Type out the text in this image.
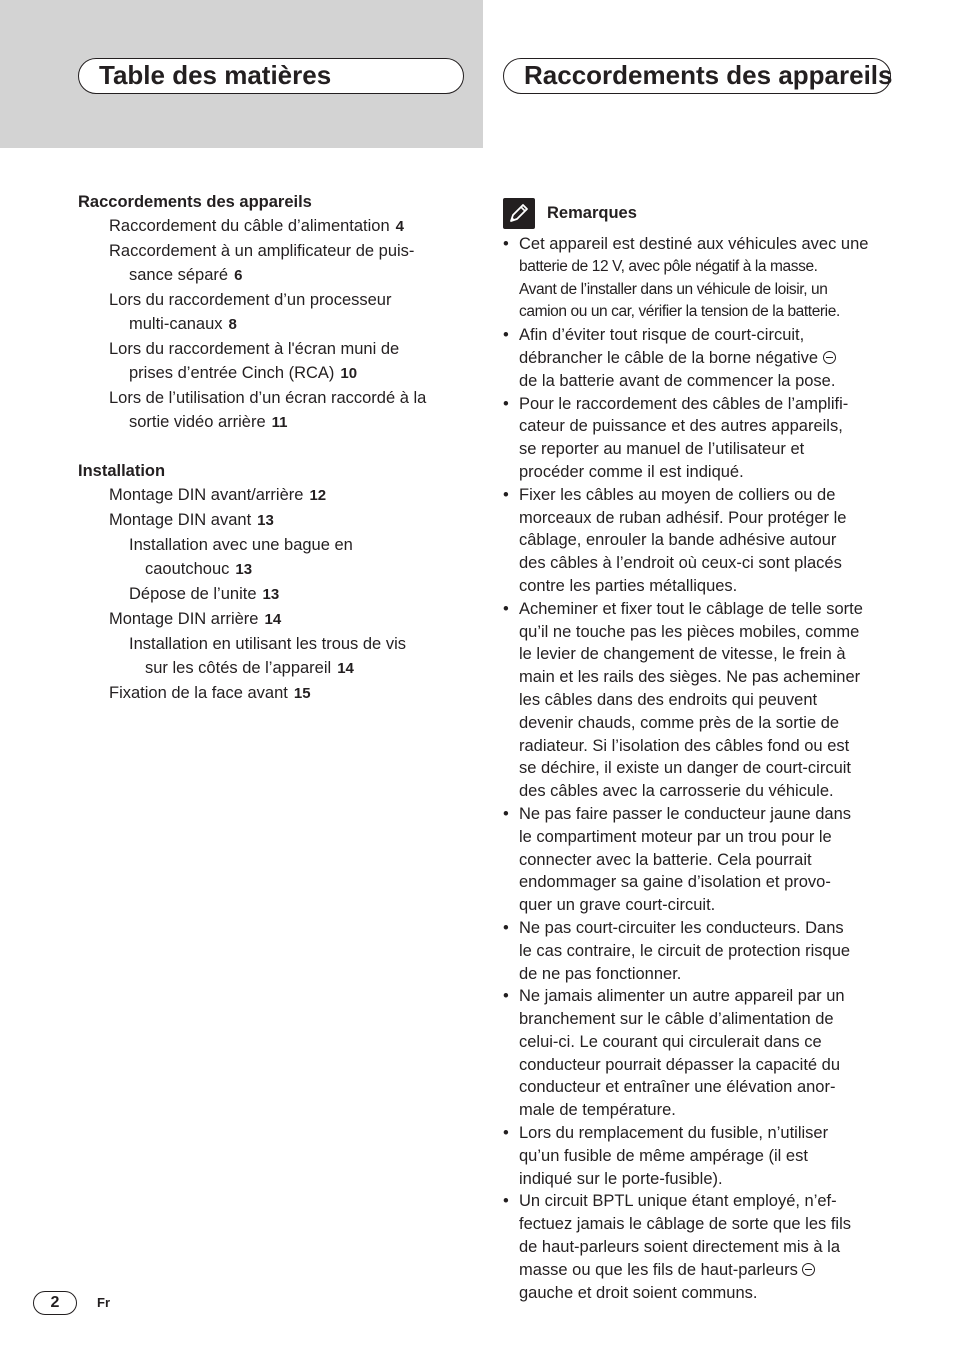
Table des matières	Raccordements des appareils
Raccordements des appareils
Raccordement du câble d’alimentation 4
Raccordement à un amplificateur de puis-
sance séparé 6
Lors du raccordement d’un processeur
multi-canaux 8
Lors du raccordement à l'écran muni de
prises d’entrée Cinch (RCA) 10
Lors de l’utilisation d’un écran raccordé à la
sortie vidéo arrière 11
Installation
Montage DIN avant/arrière 12
Montage DIN avant 13
Installation avec une bague en
caoutchouc 13
Dépose de l’unite 13
Montage DIN arrière 14
Installation en utilisant les trous de vis
sur les côtés de l’appareil 14
Fixation de la face avant 15
Remarques
• Cet appareil est destiné aux véhicules avec une
batterie de 12 V, avec pôle négatif à la masse.
Avant de l’installer dans un véhicule de loisir, un
camion ou un car, vérifier la tension de la batterie.
• Afin d’éviter tout risque de court-circuit,
débrancher le câble de la borne négative
de la batterie avant de commencer la pose.
• Pour le raccordement des câbles de l’amplifi-
cateur de puissance et des autres appareils,
se reporter au manuel de l’utilisateur et
procéder comme il est indiqué.
• Fixer les câbles au moyen de colliers ou de
morceaux de ruban adhésif. Pour protéger le
câblage, enrouler la bande adhésive autour
des câbles à l’endroit où ceux-ci sont placés
contre les parties métalliques.
• Acheminer et fixer tout le câblage de telle sorte
qu’il ne touche pas les pièces mobiles, comme
le levier de changement de vitesse, le frein à
main et les rails des sièges. Ne pas acheminer
les câbles dans des endroits qui peuvent
devenir chauds, comme près de la sortie de
radiateur. Si l’isolation des câbles fond ou est
se déchire, il existe un danger de court-circuit
des câbles avec la carrosserie du véhicule.
• Ne pas faire passer le conducteur jaune dans
le compartiment moteur par un trou pour le
connecter avec la batterie. Cela pourrait
endommager sa gaine d’isolation et provo-
quer un grave court-circuit.
• Ne pas court-circuiter les conducteurs. Dans
le cas contraire, le circuit de protection risque
de ne pas fonctionner.
• Ne jamais alimenter un autre appareil par un
branchement sur le câble d’alimentation de
celui-ci. Le courant qui circulerait dans ce
conducteur pourrait dépasser la capacité du
conducteur et entraîner une élévation anor-
male de température.
• Lors du remplacement du fusible, n’utiliser
qu’un fusible de même ampérage (il est
indiqué sur le porte-fusible).
• Un circuit BPTL unique étant employé, n’ef-
fectuez jamais le câblage de sorte que les fils
de haut-parleurs soient directement mis à la
masse ou que les fils de haut-parleurs
gauche et droit soient communs.
2	Fr
